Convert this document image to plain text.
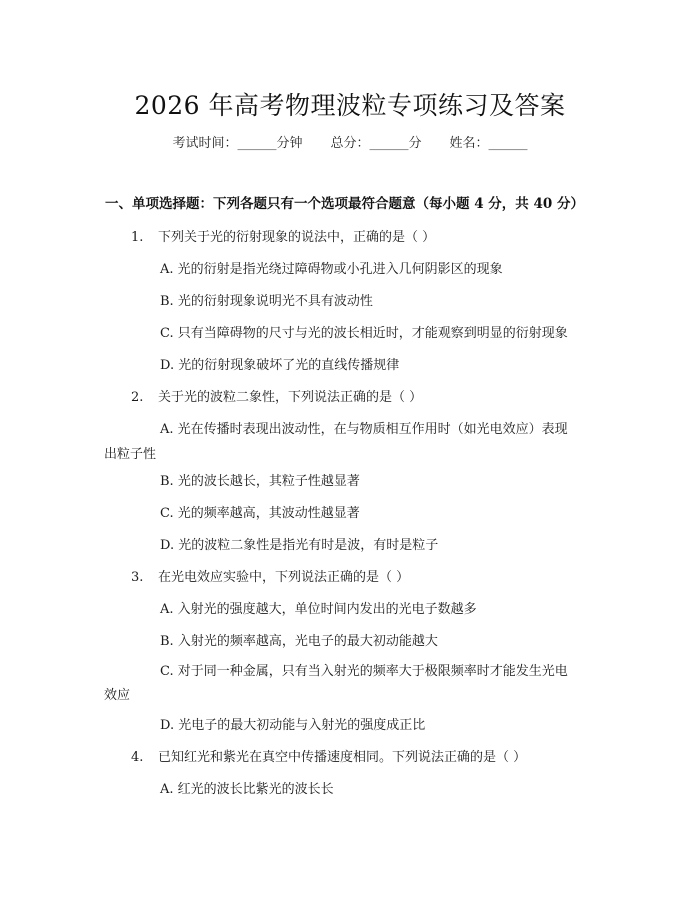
2026 年高考物理波粒专项练习及答案
考试时间：______分钟 总分：______分 姓名：______
一、单项选择题：下列各题只有一个选项最符合题意（每小题 4 分，共 40 分）
1. 下列关于光的衍射现象的说法中，正确的是（ ）
A. 光的衍射是指光绕过障碍物或小孔进入几何阴影区的现象
B. 光的衍射现象说明光不具有波动性
C. 只有当障碍物的尺寸与光的波长相近时，才能观察到明显的衍射现象
D. 光的衍射现象破坏了光的直线传播规律
2. 关于光的波粒二象性，下列说法正确的是（ ）
A. 光在传播时表现出波动性，在与物质相互作用时（如光电效应）表现
出粒子性
B. 光的波长越长，其粒子性越显著
C. 光的频率越高，其波动性越显著
D. 光的波粒二象性是指光有时是波，有时是粒子
3. 在光电效应实验中，下列说法正确的是（ ）
A. 入射光的强度越大，单位时间内发出的光电子数越多
B. 入射光的频率越高，光电子的最大初动能越大
C. 对于同一种金属，只有当入射光的频率大于极限频率时才能发生光电
效应
D. 光电子的最大初动能与入射光的强度成正比
4. 已知红光和紫光在真空中传播速度相同。下列说法正确的是（ ）
A. 红光的波长比紫光的波长长
